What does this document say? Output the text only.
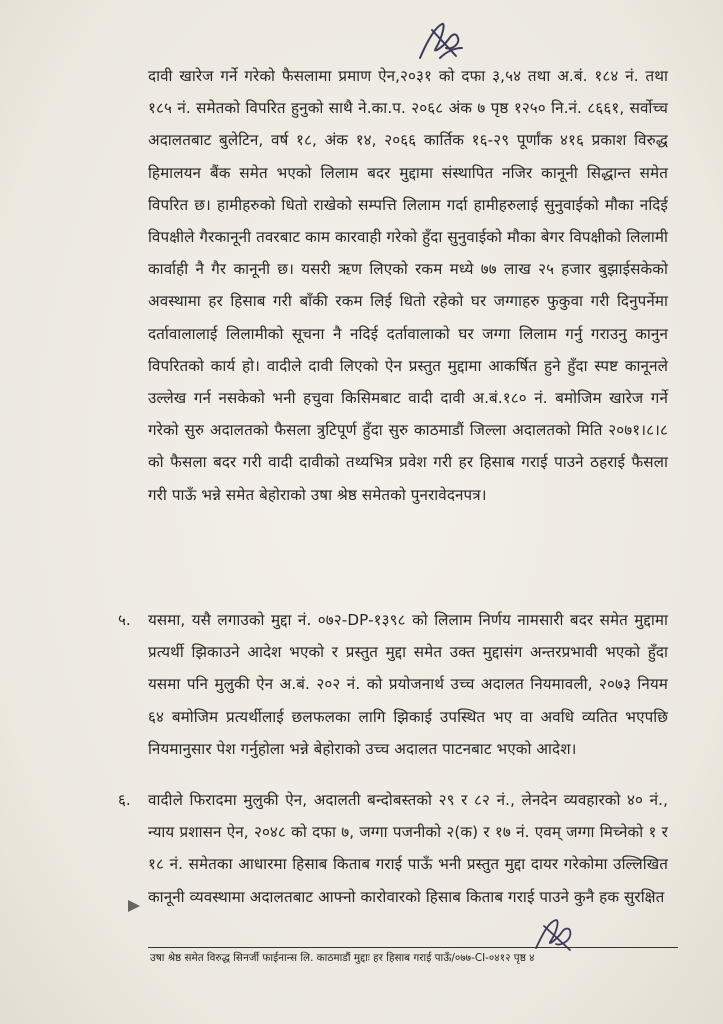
दावी खारेज गर्ने गरेको फैसलामा प्रमाण ऐन,२०३१ को दफा ३,५४ तथा अ.बं. १८४ नं. तथा १८५ नं. समेतको विपरित हुनुको साथै ने.का.प. २०६८ अंक ७ पृष्ठ १२५० नि.नं. ८६६१, सर्वोच्च अदालतबाट बुलेटिन, वर्ष १८, अंक १४, २०६६ कार्तिक १६-२९ पूर्णांक ४१६ प्रकाश विरुद्ध हिमालयन बैंक समेत भएको लिलाम बदर मुद्दामा संस्थापित नजिर कानूनी सिद्धान्त समेत विपरित छ। हामीहरुको धितो राखेको सम्पत्ति लिलाम गर्दा हामीहरुलाई सुनुवाईको मौका नदिई विपक्षीले गैरकानूनी तवरबाट काम कारवाही गरेको हुँदा सुनुवाईको मौका बेगर विपक्षीको लिलामी कार्वाही नै गैर कानूनी छ। यसरी ऋण लिएको रकम मध्ये ७७ लाख २५ हजार बुझाईसकेको अवस्थामा हर हिसाब गरी बाँकी रकम लिई धितो रहेको घर जग्गाहरु फुकुवा गरी दिनुपर्नेमा दर्तावालालाई लिलामीको सूचना नै नदिई दर्तावालाको घर जग्गा लिलाम गर्नु गराउनु कानुन विपरितको कार्य हो। वादीले दावी लिएको ऐन प्रस्तुत मुद्दामा आकर्षित हुने हुँदा स्पष्ट कानूनले उल्लेख गर्न नसकेको भनी हचुवा किसिमबाट वादी दावी अ.बं.१८० नं. बमोजिम खारेज गर्ने गरेको सुरु अदालतको फैसला त्रुटिपूर्ण हुँदा सुरु काठमाडौं जिल्ला अदालतको मिति २०७१।८।८ को फैसला बदर गरी वादी दावीको तथ्यभित्र प्रवेश गरी हर हिसाब गराई पाउने ठहराई फैसला गरी पाऊँ भन्ने समेत बेहोराको उषा श्रेष्ठ समेतको पुनरावेदनपत्र।
५. यसमा, यसै लगाउको मुद्दा नं. ०७२-DP-१३९८ को लिलाम निर्णय नामसारी बदर समेत मुद्दामा प्रत्यर्थी झिकाउने आदेश भएको र प्रस्तुत मुद्दा समेत उक्त मुद्दासंग अन्तरप्रभावी भएको हुँदा यसमा पनि मुलुकी ऐन अ.बं. २०२ नं. को प्रयोजनार्थ उच्च अदालत नियमावली, २०७३ नियम ६४ बमोजिम प्रत्यर्थीलाई छलफलका लागि झिकाई उपस्थित भए वा अवधि व्यतित भएपछि नियमानुसार पेश गर्नुहोला भन्ने बेहोराको उच्च अदालत पाटनबाट भएको आदेश।
६. वादीले फिरादमा मुलुकी ऐन, अदालती बन्दोबस्तको २९ र ८२ नं., लेनदेन व्यवहारको ४० नं., न्याय प्रशासन ऐन, २०४८ को दफा ७, जग्गा पजनीको २(क) र १७ नं. एवम् जग्गा मिच्नेको १ र १८ नं. समेतका आधारमा हिसाब किताब गराई पाऊँ भनी प्रस्तुत मुद्दा दायर गरेकोमा उल्लिखित कानूनी व्यवस्थामा अदालतबाट आफ्नो कारोवारको हिसाब किताब गराई पाउने कुनै हक सुरक्षित
उषा श्रेष्ठ समेत विरुद्ध सिनर्जी फाईनान्स लि. काठमाडौं मुद्दाः हर हिसाब गराई पाऊँ/०७७-CI-०४१२ पृष्ठ ४
